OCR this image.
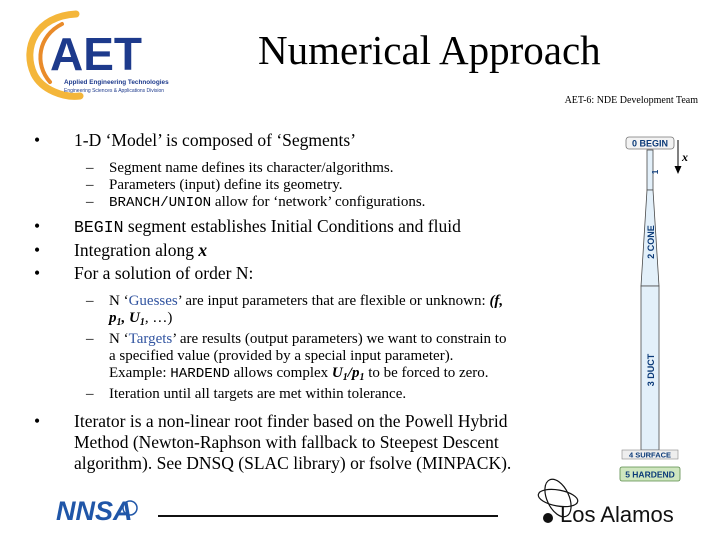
AET
Applied Engineering Technologies
Engineering Sciences & Applications Division
Numerical Approach
AET-6: NDE Development Team
• 1-D ‘Model’ is composed of ‘Segments’
– Segment name defines its character/algorithms.
– Parameters (input) define its geometry.
– BRANCH/UNION allow for ‘network’ configurations.
• BEGIN segment establishes Initial Conditions and fluid
• Integration along x
• For a solution of order N:
– N ‘Guesses’ are input parameters that are flexible or unknown: (f,
$p_1$, $U_1$, …)
– N ‘Targets’ are results (output parameters) we want to constrain to
a specified value (provided by a special input parameter).
Example: HARDEND allows complex $U_1/p_1$ to be forced to zero.
– Iteration until all targets are met within tolerance.
• Iterator is a non-linear root finder based on the Powell Hybrid
Method (Newton-Raphson with fallback to Steepest Descent
algorithm). See DNSQ (SLAC library) or fsolve (MINPACK).
0 BEGIN
1
2 CONE
3 DUCT
4 SURFACE
5 HARDEND
x
NNSA	Los Alamos
